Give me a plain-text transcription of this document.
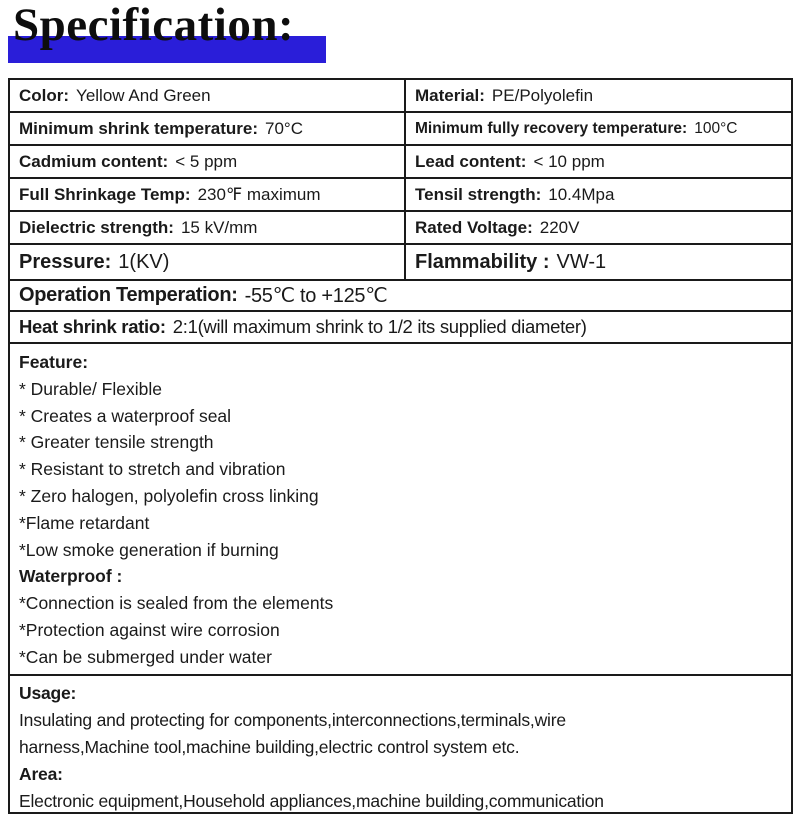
Specification:
Color: Yellow And Green	Material: PE/Polyolefin
Minimum shrink temperature: 70°C	Minimum fully recovery temperature: 100°C
Cadmium content: < 5 ppm	Lead content: < 10 ppm
Full Shrinkage Temp: 230℉ maximum	Tensil strength: 10.4Mpa
Dielectric strength: 15 kV/mm	Rated Voltage: 220V
Pressure: 1(KV)	Flammability : VW-1
Operation Temperation: -55℃ to +125℃
Heat shrink ratio: 2:1(will maximum shrink to 1/2 its supplied diameter)
Feature:
* Durable/ Flexible
* Creates a waterproof seal
* Greater tensile strength
* Resistant to stretch and vibration
* Zero halogen, polyolefin cross linking
*Flame retardant
*Low smoke generation if burning
Waterproof :
*Connection is sealed from the elements
*Protection against wire corrosion
*Can be submerged under water
Usage:
Insulating and protecting for components,interconnections,terminals,wire
harness,Machine tool,machine building,electric control system etc.
Area:
Electronic equipment,Household appliances,machine building,communication
